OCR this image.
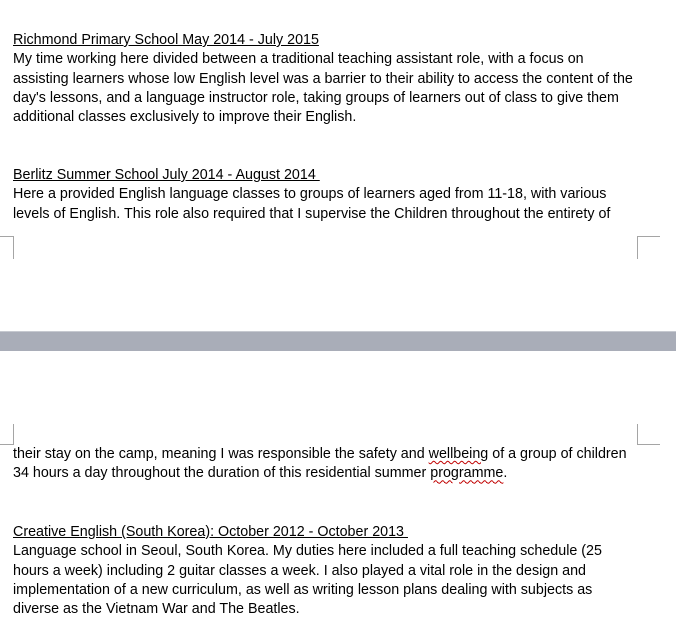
Richmond Primary School May 2014 - July 2015

My time working here divided between a traditional teaching assistant role, with a focus on assisting learners whose low English level was a barrier to their ability to access the content of the day's lessons, and a language instructor role, taking groups of learners out of class to give them additional classes exclusively to improve their English.

Berlitz Summer School July 2014 - August 2014

Here a provided English language classes to groups of learners aged from 11-18, with various levels of English. This role also required that I supervise the Children throughout the entirety of

their stay on the camp, meaning I was responsible the safety and wellbeing of a group of children 34 hours a day throughout the duration of this residential summer programme.

Creative English (South Korea): October 2012 - October 2013

Language school in Seoul, South Korea. My duties here included a full teaching schedule (25 hours a week) including 2 guitar classes a week. I also played a vital role in the design and implementation of a new curriculum, as well as writing lesson plans dealing with subjects as diverse as the Vietnam War and The Beatles.
